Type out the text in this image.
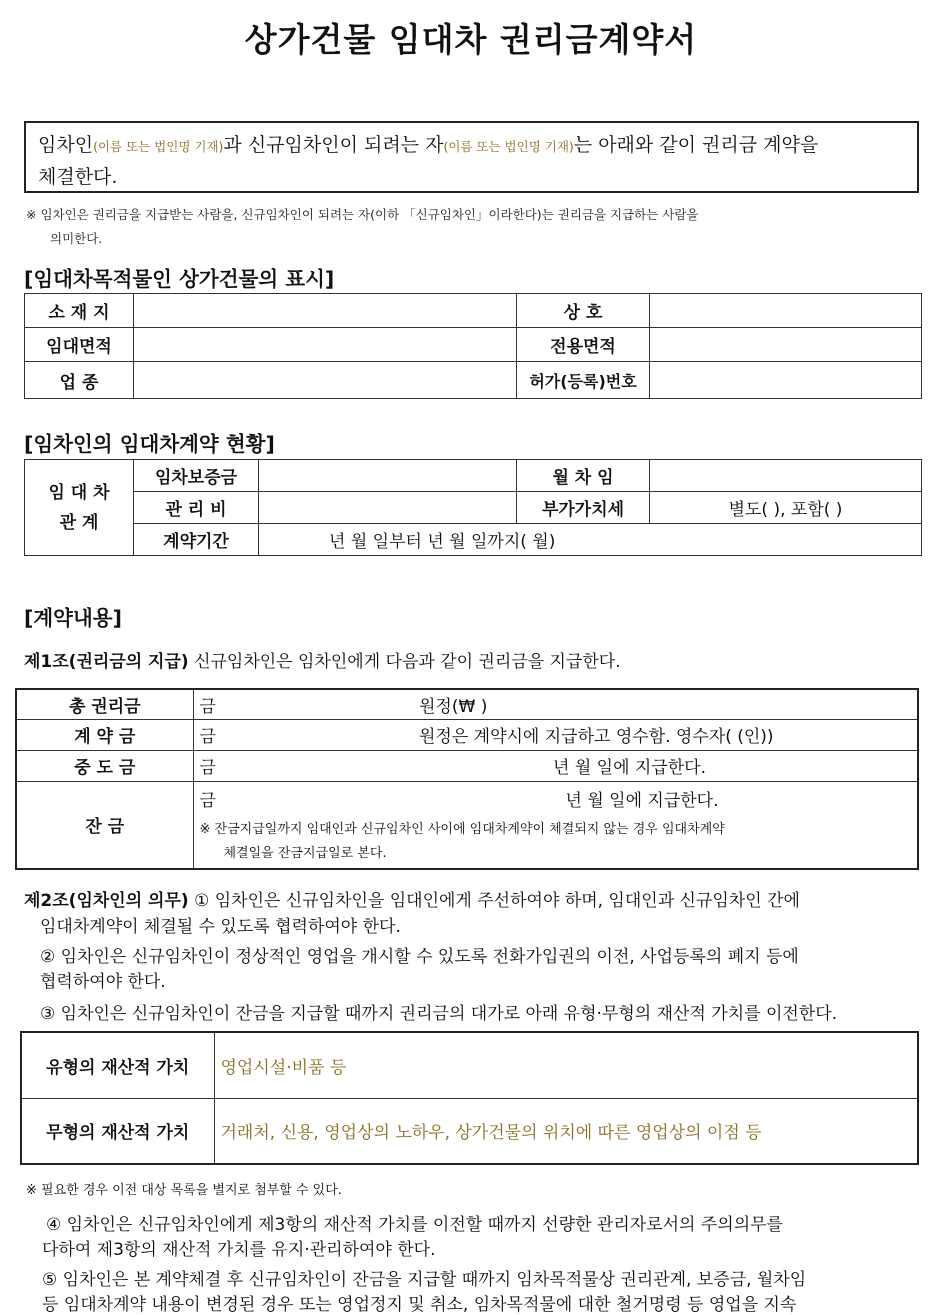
상가건물 임대차 권리금계약서
임차인(이름 또는 법인명 기재)과 신규임차인이 되려는 자(이름 또는 법인명 기재)는 아래와 같이 권리금 계약을
체결한다.
※ 임차인은 권리금을 지급받는 사람을, 신규임차인이 되려는 자(이하 「신규임차인」이라한다)는 권리금을 지급하는 사람을
의미한다.
[임대차목적물인 상가건물의 표시]
소 재 지		상 호	
임대면적		전용면적	
업 종		허가(등록)번호	
[임차인의 임대차계약 현황]
임 대 차
관 계	임차보증금		월 차 임	
	관 리 비		부가가치세	별도( ), 포함( )
	계약기간	년 월 일부터 년 월 일까지( 월)		
[계약내용]
제1조(권리금의 지급) 신규임차인은 임차인에게 다음과 같이 권리금을 지급한다.
총 권리금	금	원정(₩ )
계 약 금	금	원정은 계약시에 지급하고 영수함. 영수자( (인))
중 도 금	금	년 월 일에 지급한다.
잔 금	금 년 월 일에 지급한다.
※ 잔금지급일까지 임대인과 신규임차인 사이에 임대차계약이 체결되지 않는 경우 임대차계약
체결일을 잔금지급일로 본다.	
제2조(임차인의 의무) ① 임차인은 신규임차인을 임대인에게 주선하여야 하며, 임대인과 신규임차인 간에
임대차계약이 체결될 수 있도록 협력하여야 한다.
② 임차인은 신규임차인이 정상적인 영업을 개시할 수 있도록 전화가입권의 이전, 사업등록의 폐지 등에
협력하여야 한다.
③ 임차인은 신규임차인이 잔금을 지급할 때까지 권리금의 대가로 아래 유형·무형의 재산적 가치를 이전한다.
유형의 재산적 가치	영업시설·비품 등
무형의 재산적 가치	거래처, 신용, 영업상의 노하우, 상가건물의 위치에 따른 영업상의 이점 등
※ 필요한 경우 이전 대상 목록을 별지로 첨부할 수 있다.
④ 임차인은 신규임차인에게 제3항의 재산적 가치를 이전할 때까지 선량한 관리자로서의 주의의무를
다하여 제3항의 재산적 가치를 유지·관리하여야 한다.
⑤ 임차인은 본 계약체결 후 신규임차인이 잔금을 지급할 때까지 임차목적물상 권리관계, 보증금, 월차임
등 임대차계약 내용이 변경된 경우 또는 영업정지 및 취소, 임차목적물에 대한 철거명령 등 영업을 지속
